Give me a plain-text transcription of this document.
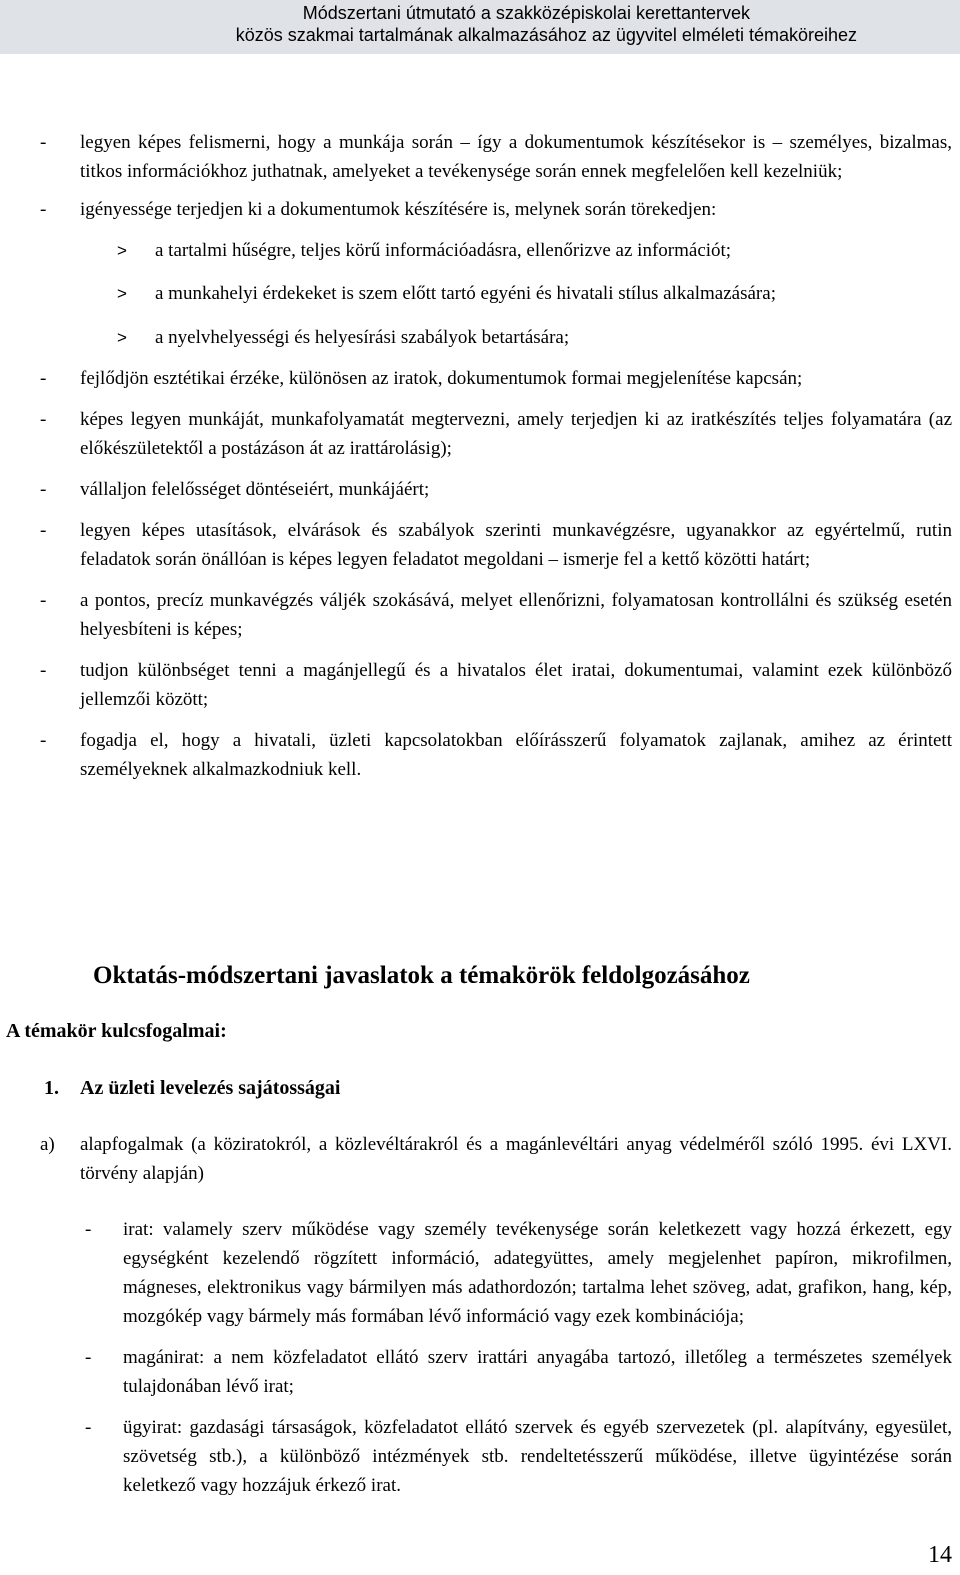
Módszertani útmutató a szakközépiskolai kerettantervek
közös szakmai tartalmának alkalmazásához az ügyvitel elméleti témaköreihez
- legyen képes felismerni, hogy a munkája során – így a dokumentumok készítésekor is – személyes, bizalmas, titkos információkhoz juthatnak, amelyeket a tevékenysége során ennek megfelelően kell kezelniük;
- igényessége terjedjen ki a dokumentumok készítésére is, melynek során törekedjen:
> a tartalmi hűségre, teljes körű információadásra, ellenőrizve az információt;
> a munkahelyi érdekeket is szem előtt tartó egyéni és hivatali stílus alkalmazására;
> a nyelvhelyességi és helyesírási szabályok betartására;
- fejlődjön esztétikai érzéke, különösen az iratok, dokumentumok formai megjelenítése kapcsán;
- képes legyen munkáját, munkafolyamatát megtervezni, amely terjedjen ki az iratkészítés teljes folyamatára (az előkészületektől a postázáson át az irattárolásig);
- vállaljon felelősséget döntéseiért, munkájáért;
- legyen képes utasítások, elvárások és szabályok szerinti munkavégzésre, ugyanakkor az egyértelmű, rutin feladatok során önállóan is képes legyen feladatot megoldani – ismerje fel a kettő közötti határt;
- a pontos, precíz munkavégzés váljék szokásává, melyet ellenőrizni, folyamatosan kontrollálni és szükség esetén helyesbíteni is képes;
- tudjon különbséget tenni a magánjellegű és a hivatalos élet iratai, dokumentumai, valamint ezek különböző jellemzői között;
- fogadja el, hogy a hivatali, üzleti kapcsolatokban előírásszerű folyamatok zajlanak, amihez az érintett személyeknek alkalmazkodniuk kell.
Oktatás-módszertani javaslatok a témakörök feldolgozásához
A témakör kulcsfogalmai:
1. Az üzleti levelezés sajátosságai
a) alapfogalmak (a köziratokról, a közlevéltárakról és a magánlevéltári anyag védelméről szóló 1995. évi LXVI. törvény alapján)
- irat: valamely szerv működése vagy személy tevékenysége során keletkezett vagy hozzá érkezett, egy egységként kezelendő rögzített információ, adategyüttes, amely megjelenhet papíron, mikrofilmen, mágneses, elektronikus vagy bármilyen más adathordozón; tartalma lehet szöveg, adat, grafikon, hang, kép, mozgókép vagy bármely más formában lévő információ vagy ezek kombinációja;
- magánirat: a nem közfeladatot ellátó szerv irattári anyagába tartozó, illetőleg a természetes személyek tulajdonában lévő irat;
- ügyirat: gazdasági társaságok, közfeladatot ellátó szervek és egyéb szervezetek (pl. alapítvány, egyesület, szövetség stb.), a különböző intézmények stb. rendeltetésszerű működése, illetve ügyintézése során keletkező vagy hozzájuk érkező irat.
14
